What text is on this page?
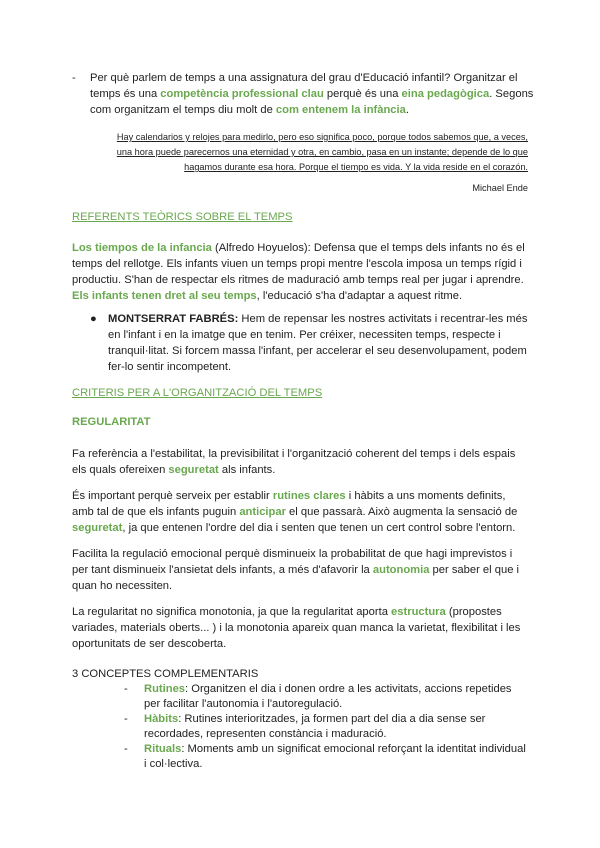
- Per què parlem de temps a una assignatura del grau d'Educació infantil? Organitzar el temps és una competència professional clau perquè és una eina pedagògica. Segons com organitzam el temps diu molt de com entenem la infància.
Hay calendarios y relojes para medirlo, pero eso significa poco, porque todos sabemos que, a veces,
una hora puede parecernos una eternidad y otra, en cambio, pasa en un instante; depende de lo que
hagamos durante esa hora. Porque el tiempo es vida. Y la vida reside en el corazón.
Michael Ende
REFERENTS TEÒRICS SOBRE EL TEMPS
Los tiempos de la infancia (Alfredo Hoyuelos): Defensa que el temps dels infants no és el temps del rellotge. Els infants viuen un temps propi mentre l'escola imposa un temps rígid i productiu. S'han de respectar els ritmes de maduració amb temps real per jugar i aprendre. Els infants tenen dret al seu temps, l'educació s'ha d'adaptar a aquest ritme.
● MONTSERRAT FABRÉS: Hem de repensar les nostres activitats i recentrar-les més en l'infant i en la imatge que en tenim. Per créixer, necessiten temps, respecte i tranquil·litat. Si forcem massa l'infant, per accelerar el seu desenvolupament, podem fer-lo sentir incompetent.
CRITERIS PER A L'ORGANITZACIÓ DEL TEMPS
REGULARITAT
Fa referència a l'estabilitat, la previsibilitat i l'organització coherent del temps i dels espais els quals ofereixen seguretat als infants.
És important perquè serveix per establir rutines clares i hàbits a uns moments definits, amb tal de que els infants puguin anticipar el que passarà. Això augmenta la sensació de seguretat, ja que entenen l'ordre del dia i senten que tenen un cert control sobre l'entorn.
Facilita la regulació emocional perquè disminueix la probabilitat de que hagi imprevistos i per tant disminueix l'ansietat dels infants, a més d'afavorir la autonomia per saber el que i quan ho necessiten.
La regularitat no significa monotonia, ja que la regularitat aporta estructura (propostes variades, materials oberts... ) i la monotonia apareix quan manca la varietat, flexibilitat i les oportunitats de ser descoberta.
3 CONCEPTES COMPLEMENTARIS
- Rutines: Organitzen el dia i donen ordre a les activitats, accions repetides per facilitar l'autonomia i l'autoregulació.
- Hàbits: Rutines interioritzades, ja formen part del dia a dia sense ser recordades, representen constància i maduració.
- Rituals: Moments amb un significat emocional reforçant la identitat individual i col·lectiva.
